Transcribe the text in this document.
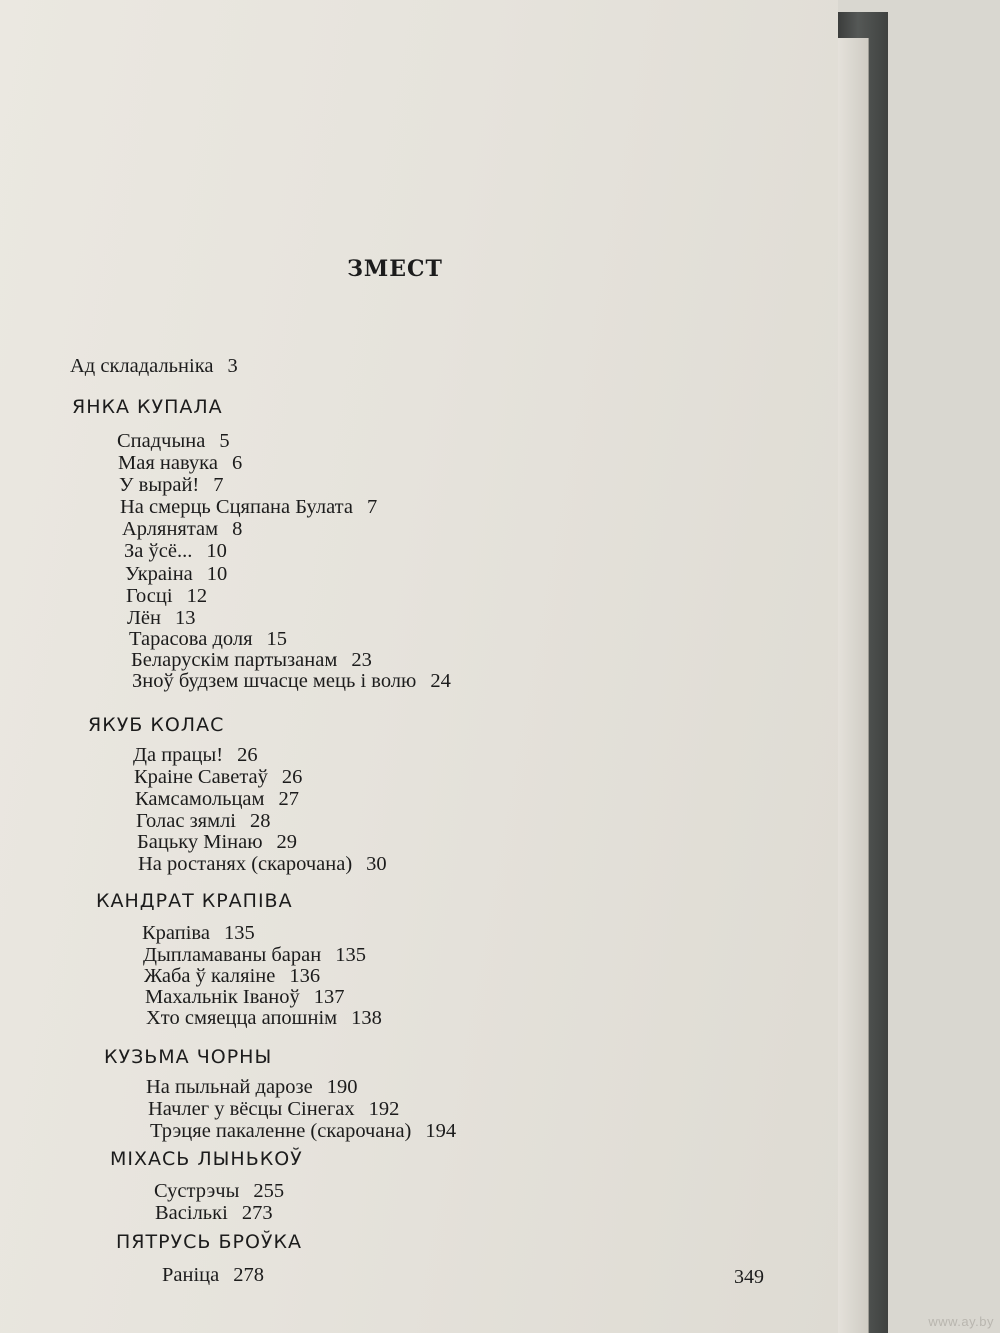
ЗМЕСТ

Ад складальніка 3

ЯНКА КУПАЛА

Спадчына 5

Мая навука 6

У вырай! 7

На смерць Сцяпана Булата 7

Арлянятам 8

За ўсё... 10

Украіна 10

Госці 12

Лён 13

Тарасова доля 15

Беларускім партызанам 23

Зноў будзем шчасце мець і волю 24

ЯКУБ КОЛАС

Да працы! 26

Краіне Саветаў 26

Камсамольцам 27

Голас зямлі 28

Бацьку Мінаю 29

На ростанях (скарочана) 30

КАНДРАТ КРАПІВА

Крапіва 135

Дыпламаваны баран 135

Жаба ў каляіне 136

Махальнік Іваноў 137

Хто смяецца апошнім 138

КУЗЬМА ЧОРНЫ

На пыльнай дарозе 190

Начлег у вёсцы Сінегах 192

Трэцяе пакаленне (скарочана) 194

МІХАСЬ ЛЫНЬКОЎ

Сустрэчы 255

Васількі 273

ПЯТРУСЬ БРОЎКА

Раніца 278	349

www.ay.by
